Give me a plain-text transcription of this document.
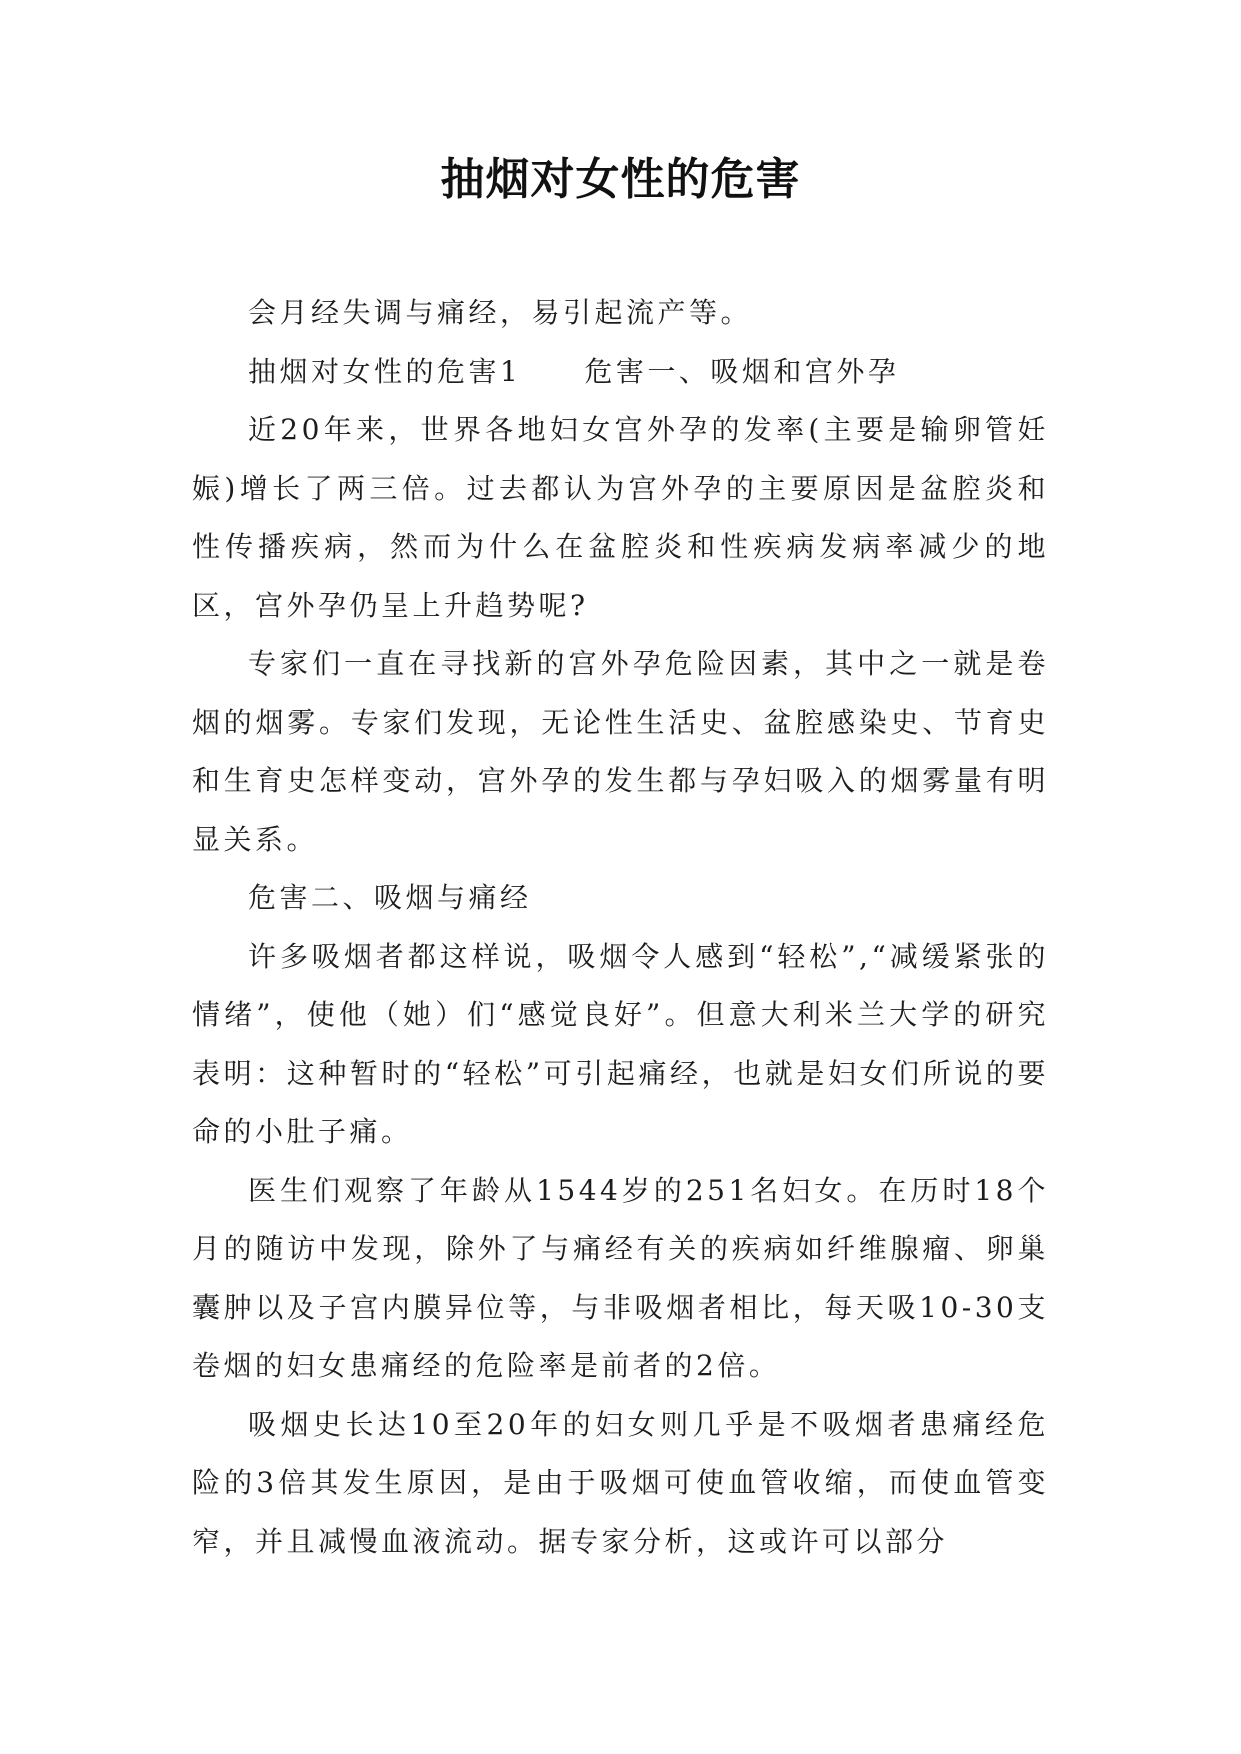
抽烟对女性的危害

会月经失调与痛经，易引起流产等。

抽烟对女性的危害1　　危害一、吸烟和宫外孕

近20年来，世界各地妇女宫外孕的发率(主要是输卵管妊娠)增长了两三倍。过去都认为宫外孕的主要原因是盆腔炎和性传播疾病，然而为什么在盆腔炎和性疾病发病率减少的地区，宫外孕仍呈上升趋势呢?

专家们一直在寻找新的宫外孕危险因素，其中之一就是卷烟的烟雾。专家们发现，无论性生活史、盆腔感染史、节育史和生育史怎样变动，宫外孕的发生都与孕妇吸入的烟雾量有明显关系。

危害二、吸烟与痛经

许多吸烟者都这样说，吸烟令人感到“轻松”,“减缓紧张的情绪”，使他（她）们“感觉良好”。但意大利米兰大学的研究表明：这种暂时的“轻松”可引起痛经，也就是妇女们所说的要命的小肚子痛。

医生们观察了年龄从1544岁的251名妇女。在历时18个月的随访中发现，除外了与痛经有关的疾病如纤维腺瘤、卵巢囊肿以及子宫内膜异位等，与非吸烟者相比，每天吸10-30支卷烟的妇女患痛经的危险率是前者的2倍。

吸烟史长达10至20年的妇女则几乎是不吸烟者患痛经危险的3倍其发生原因，是由于吸烟可使血管收缩，而使血管变窄，并且减慢血液流动。据专家分析，这或许可以部分
